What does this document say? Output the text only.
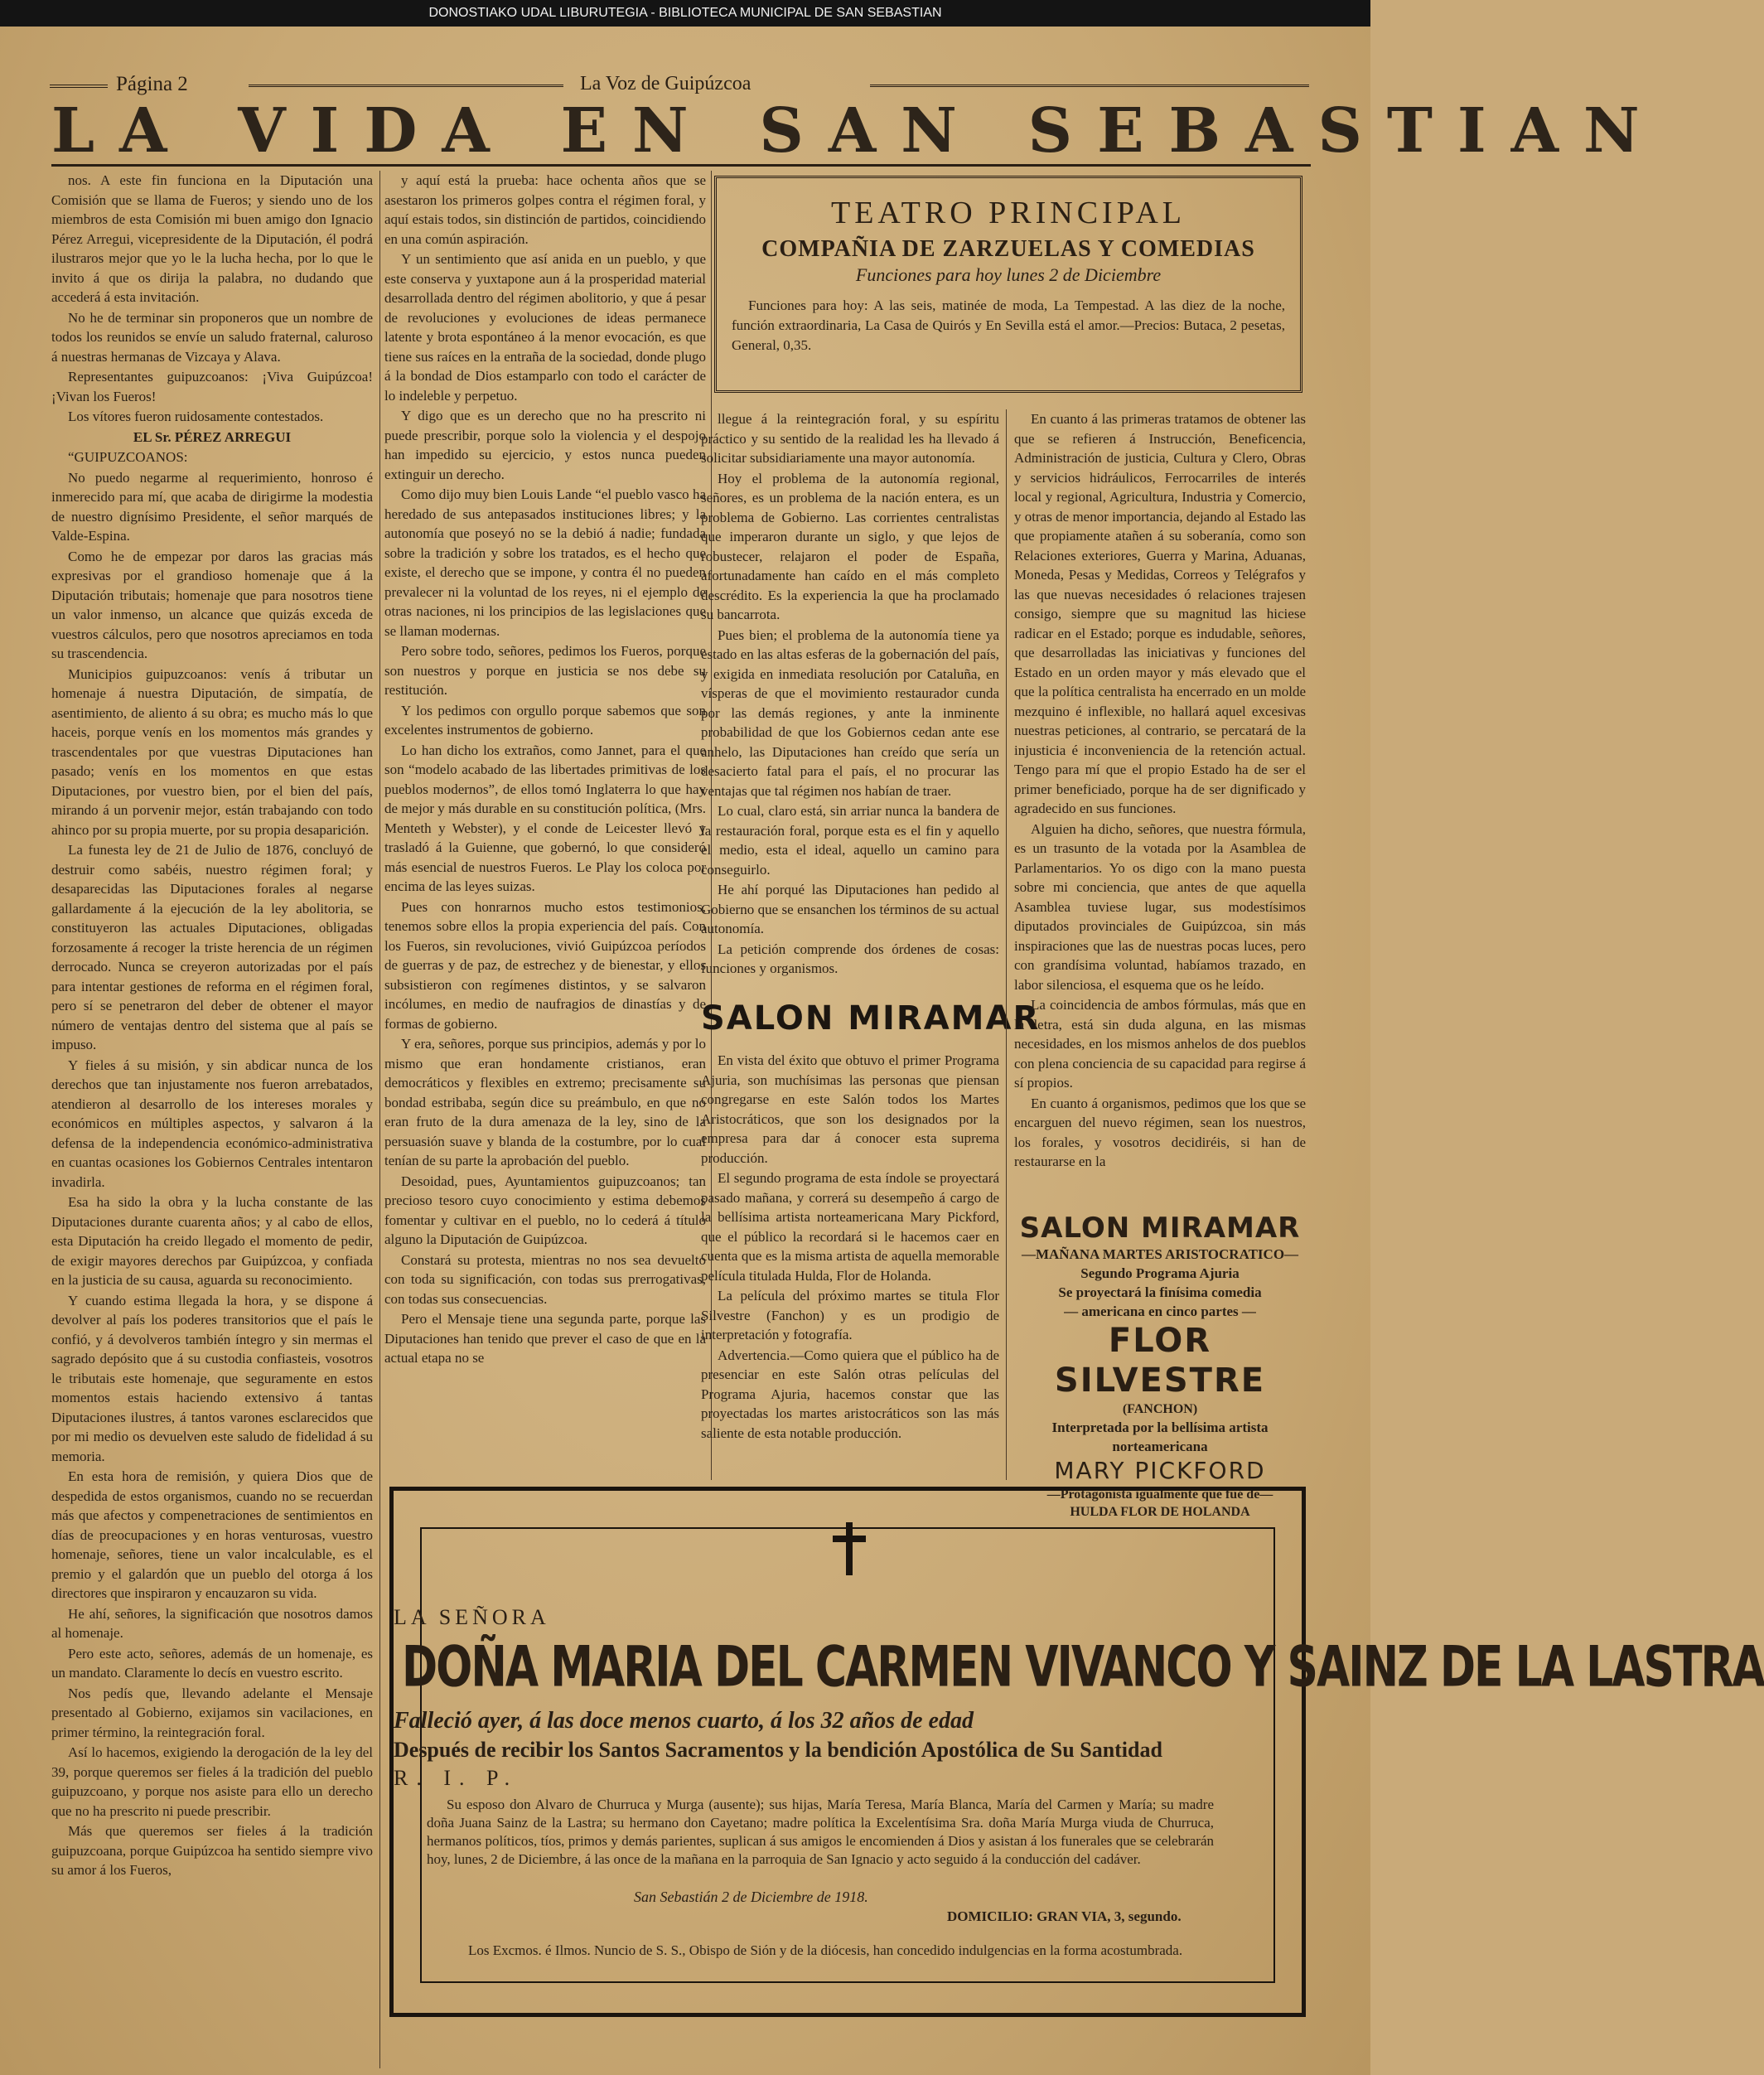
DONOSTIAKO UDAL LIBURUTEGIA - BIBLIOTECA MUNICIPAL DE SAN SEBASTIAN
Página 2	La Voz de Guipúzcoa
LA VIDA EN SAN SEBASTIAN

nos. A este fin funciona en la Diputación una Comisión que se llama de Fueros; y siendo uno de los miembros de esta Comisión mi buen amigo don Ignacio Pérez Arregui, vicepresidente de la Diputación, él podrá ilustraros mejor que yo le la lucha hecha, por lo que le invito á que os dirija la palabra, no dudando que accederá á esta invitación.

No he de terminar sin proponeros que un nombre de todos los reunidos se envíe un saludo fraternal, caluroso á nuestras hermanas de Vizcaya y Alava.

Representantes guipuzcoanos: ¡Viva Guipúzcoa! ¡Vivan los Fueros!

Los vítores fueron ruidosamente contestados.

EL Sr. PÉREZ ARREGUI

“GUIPUZCOANOS:

No puedo negarme al requerimiento, honroso é inmerecido para mí, que acaba de dirigirme la modestia de nuestro dignísimo Presidente, el señor marqués de Valde-Espina.

Como he de empezar por daros las gracias más expresivas por el grandioso homenaje que á la Diputación tributais; homenaje que para nosotros tiene un valor inmenso, un alcance que quizás exceda de vuestros cálculos, pero que nosotros apreciamos en toda su trascendencia.

Municipios guipuzcoanos: venís á tributar un homenaje á nuestra Diputación, de simpatía, de asentimiento, de aliento á su obra; es mucho más lo que haceis, porque venís en los momentos más grandes y trascendentales por que vuestras Diputaciones han pasado; venís en los momentos en que estas Diputaciones, por vuestro bien, por el bien del país, mirando á un porvenir mejor, están trabajando con todo ahinco por su propia muerte, por su propia desaparición.

La funesta ley de 21 de Julio de 1876, concluyó de destruir como sabéis, nuestro régimen foral; y desaparecidas las Diputaciones forales al negarse gallardamente á la ejecución de la ley abolitoria, se constituyeron las actuales Diputaciones, obligadas forzosamente á recoger la triste herencia de un régimen derrocado. Nunca se creyeron autorizadas por el país para intentar gestiones de reforma en el régimen foral, pero sí se penetraron del deber de obtener el mayor número de ventajas dentro del sistema que al país se impuso.

Y fieles á su misión, y sin abdicar nunca de los derechos que tan injustamente nos fueron arrebatados, atendieron al desarrollo de los intereses morales y económicos en múltiples aspectos, y salvaron á la defensa de la independencia económico-administrativa en cuantas ocasiones los Gobiernos Centrales intentaron invadirla.

Esa ha sido la obra y la lucha constante de las Diputaciones durante cuarenta años; y al cabo de ellos, esta Diputación ha creido llegado el momento de pedir, de exigir mayores derechos par Guipúzcoa, y confiada en la justicia de su causa, aguarda su reconocimiento.

Y cuando estima llegada la hora, y se dispone á devolver al país los poderes transitorios que el país le confió, y á devolveros también íntegro y sin mermas el sagrado depósito que á su custodia confiasteis, vosotros le tributais este homenaje, que seguramente en estos momentos estais haciendo extensivo á tantas Diputaciones ilustres, á tantos varones esclarecidos que por mi medio os devuelven este saludo de fidelidad á su memoria.

En esta hora de remisión, y quiera Dios que de despedida de estos organismos, cuando no se recuerdan más que afectos y compenetraciones de sentimientos en días de preocupaciones y en horas venturosas, vuestro homenaje, señores, tiene un valor incalculable, es el premio y el galardón que un pueblo del otorga á los directores que inspiraron y encauzaron su vida.

He ahí, señores, la significación que nosotros damos al homenaje.

Pero este acto, señores, además de un homenaje, es un mandato. Claramente lo decís en vuestro escrito.

Nos pedís que, llevando adelante el Mensaje presentado al Gobierno, exijamos sin vacilaciones, en primer término, la reintegración foral.

Así lo hacemos, exigiendo la derogación de la ley del 39, porque queremos ser fieles á la tradición del pueblo guipuzcoano, y porque nos asiste para ello un derecho que no ha prescrito ni puede prescribir.

Más que queremos ser fieles á la tradición guipuzcoana, porque Guipúzcoa ha sentido siempre vivo su amor á los Fueros,

y aquí está la prueba: hace ochenta años que se asestaron los primeros golpes contra el régimen foral, y aquí estais todos, sin distinción de partidos, coincidiendo en una común aspiración.

Y un sentimiento que así anida en un pueblo, y que este conserva y yuxtapone aun á la prosperidad material desarrollada dentro del régimen abolitorio, y que á pesar de revoluciones y evoluciones de ideas permanece latente y brota espontáneo á la menor evocación, es que tiene sus raíces en la entraña de la sociedad, donde plugo á la bondad de Dios estamparlo con todo el carácter de lo indeleble y perpetuo.

Y digo que es un derecho que no ha prescrito ni puede prescribir, porque solo la violencia y el despojo han impedido su ejercicio, y estos nunca pueden extinguir un derecho.

Como dijo muy bien Louis Lande “el pueblo vasco ha heredado de sus antepasados instituciones libres; y la autonomía que poseyó no se la debió á nadie; fundada sobre la tradición y sobre los tratados, es el hecho que existe, el derecho que se impone, y contra él no pueden prevalecer ni la voluntad de los reyes, ni el ejemplo de otras naciones, ni los principios de las legislaciones que se llaman modernas.

Pero sobre todo, señores, pedimos los Fueros, porque son nuestros y porque en justicia se nos debe su restitución.

Y los pedimos con orgullo porque sabemos que son excelentes instrumentos de gobierno.

Lo han dicho los extraños, como Jannet, para el que son “modelo acabado de las libertades primitivas de los pueblos modernos”, de ellos tomó Inglaterra lo que hay de mejor y más durable en su constitución política, (Mrs. Menteth y Webster), y el conde de Leicester llevó y trasladó á la Guienne, que gobernó, lo que consideró más esencial de nuestros Fueros. Le Play los coloca por encima de las leyes suizas.

Pues con honrarnos mucho estos testimonios, tenemos sobre ellos la propia experiencia del país. Con los Fueros, sin revoluciones, vivió Guipúzcoa períodos de guerras y de paz, de estrechez y de bienestar, y ellos subsistieron con regímenes distintos, y se salvaron incólumes, en medio de naufragios de dinastías y de formas de gobierno.

Y era, señores, porque sus principios, además y por lo mismo que eran hondamente cristianos, eran democráticos y flexibles en extremo; precisamente su bondad estribaba, según dice su preámbulo, en que no eran fruto de la dura amenaza de la ley, sino de la persuasión suave y blanda de la costumbre, por lo cual tenían de su parte la aprobación del pueblo.

Desoidad, pues, Ayuntamientos guipuzcoanos; tan precioso tesoro cuyo conocimiento y estima debemos fomentar y cultivar en el pueblo, no lo cederá á título alguno la Diputación de Guipúzcoa.

Constará su protesta, mientras no nos sea devuelto con toda su significación, con todas sus prerrogativas, con todas sus consecuencias.

Pero el Mensaje tiene una segunda parte, porque las Diputaciones han tenido que prever el caso de que en la actual etapa no se

TEATRO PRINCIPAL
COMPAÑIA DE ZARZUELAS Y COMEDIAS
Funciones para hoy lunes 2 de Diciembre
Funciones para hoy: A las seis, matinée de moda, La Tempestad. A las diez de la noche, función extraordinaria, La Casa de Quirós y En Sevilla está el amor.—Precios: Butaca, 2 pesetas, General, 0,35.

llegue á la reintegración foral, y su espíritu práctico y su sentido de la realidad les ha llevado á solicitar subsidiariamente una mayor autonomía.

Hoy el problema de la autonomía regional, señores, es un problema de la nación entera, es un problema de Gobierno. Las corrientes centralistas que imperaron durante un siglo, y que lejos de robustecer, relajaron el poder de España, afortunadamente han caído en el más completo descrédito. Es la experiencia la que ha proclamado su bancarrota.

Pues bien; el problema de la autonomía tiene ya estado en las altas esferas de la gobernación del país, y exigida en inmediata resolución por Cataluña, en vísperas de que el movimiento restaurador cunda por las demás regiones, y ante la inminente probabilidad de que los Gobiernos cedan ante ese anhelo, las Diputaciones han creído que sería un desacierto fatal para el país, el no procurar las ventajas que tal régimen nos habían de traer.

Lo cual, claro está, sin arriar nunca la bandera de la restauración foral, porque esta es el fin y aquello el medio, esta el ideal, aquello un camino para conseguirlo.

He ahí porqué las Diputaciones han pedido al Gobierno que se ensanchen los términos de su actual autonomía.

La petición comprende dos órdenes de cosas: funciones y organismos.

SALON MIRAMAR

En vista del éxito que obtuvo el primer Programa Ajuria, son muchísimas las personas que piensan congregarse en este Salón todos los Martes Aristocráticos, que son los designados por la empresa para dar á conocer esta suprema producción.

El segundo programa de esta índole se proyectará pasado mañana, y correrá su desempeño á cargo de la bellísima artista norteamericana Mary Pickford, que el público la recordará si le hacemos caer en cuenta que es la misma artista de aquella memorable película titulada Hulda, Flor de Holanda.

La película del próximo martes se titula Flor Silvestre (Fanchon) y es un prodigio de interpretación y fotografía.

Advertencia.—Como quiera que el público ha de presenciar en este Salón otras películas del Programa Ajuria, hacemos constar que las proyectadas los martes aristocráticos son las más saliente de esta notable producción.

En cuanto á las primeras tratamos de obtener las que se refieren á Instrucción, Beneficencia, Administración de justicia, Cultura y Clero, Obras y servicios hidráulicos, Ferrocarriles de interés local y regional, Agricultura, Industria y Comercio, y otras de menor importancia, dejando al Estado las que propiamente atañen á su soberanía, como son Relaciones exteriores, Guerra y Marina, Aduanas, Moneda, Pesas y Medidas, Correos y Telégrafos y las que nuevas necesidades ó relaciones trajesen consigo, siempre que su magnitud las hiciese radicar en el Estado; porque es indudable, señores, que desarrolladas las iniciativas y funciones del Estado en un orden mayor y más elevado que el que la política centralista ha encerrado en un molde mezquino é inflexible, no hallará aquel excesivas nuestras peticiones, al contrario, se percatará de la injusticia é inconveniencia de la retención actual. Tengo para mí que el propio Estado ha de ser el primer beneficiado, porque ha de ser dignificado y agradecido en sus funciones.

Alguien ha dicho, señores, que nuestra fórmula, es un trasunto de la votada por la Asamblea de Parlamentarios. Yo os digo con la mano puesta sobre mi conciencia, que antes de que aquella Asamblea tuviese lugar, sus modestísimos diputados provinciales de Guipúzcoa, sin más inspiraciones que las de nuestras pocas luces, pero con grandísima voluntad, habíamos trazado, en labor silenciosa, el esquema que os he leído.

La coincidencia de ambos fórmulas, más que en la letra, está sin duda alguna, en las mismas necesidades, en los mismos anhelos de dos pueblos con plena conciencia de su capacidad para regirse á sí propios.

En cuanto á organismos, pedimos que los que se encarguen del nuevo régimen, sean los nuestros, los forales, y vosotros decidiréis, si han de restaurarse en la

SALON MIRAMAR
—MAÑANA MARTES ARISTOCRATICO—
Segundo Programa Ajuria
Se proyectará la finísima comedia
— americana en cinco partes —
FLOR SILVESTRE
(FANCHON)
Interpretada por la bellísima artista norteamericana
MARY PICKFORD
—Protagonista igualmente que fué de—
HULDA FLOR DE HOLANDA
LA SEÑORA
DOÑA MARIA DEL CARMEN VIVANCO Y SAINZ DE LA LASTRA
Falleció ayer, á las doce menos cuarto, á los 32 años de edad
Después de recibir los Santos Sacramentos y la bendición Apostólica de Su Santidad
R. I. P.
Su esposo don Alvaro de Churruca y Murga (ausente); sus hijas, María Teresa, María Blanca, María del Carmen y María; su madre doña Juana Sainz de la Lastra; su hermano don Cayetano; madre política la Excelentísima Sra. doña María Murga viuda de Churruca, hermanos políticos, tíos, primos y demás parientes, suplican á sus amigos le encomienden á Dios y asistan á los funerales que se celebrarán hoy, lunes, 2 de Diciembre, á las once de la mañana en la parroquia de San Ignacio y acto seguido á la conducción del cadáver.
San Sebastián 2 de Diciembre de 1918.
DOMICILIO: GRAN VIA, 3, segundo.
Los Excmos. é Ilmos. Nuncio de S. S., Obispo de Sión y de la diócesis, han concedido indulgencias en la forma acostumbrada.
